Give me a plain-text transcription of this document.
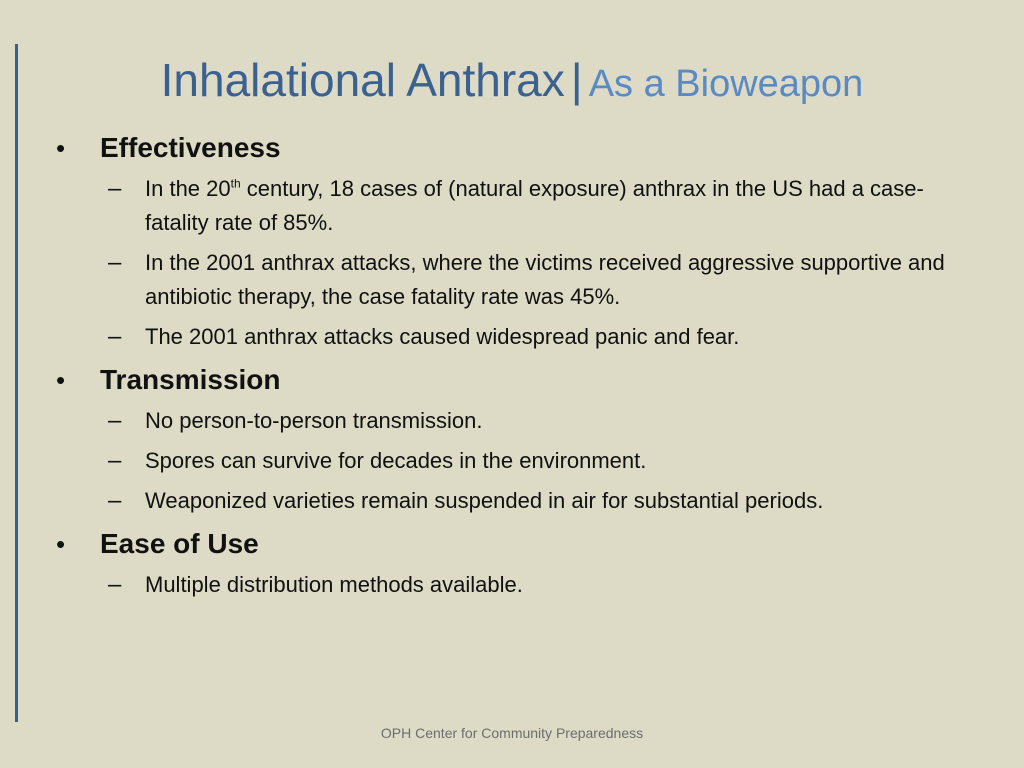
Inhalational Anthrax | As a Bioweapon
•	Effectiveness
–	In the 20th century, 18 cases of (natural exposure) anthrax in the US had a case-fatality rate of 85%.
–	In the 2001 anthrax attacks, where the victims received aggressive supportive and antibiotic therapy, the case fatality rate was 45%.
–	The 2001 anthrax attacks caused widespread panic and fear.
•	Transmission
–	No person-to-person transmission.
–	Spores can survive for decades in the environment.
–	Weaponized varieties remain suspended in air for substantial periods.
•	Ease of Use
–	Multiple distribution methods available.
OPH Center for Community Preparedness
